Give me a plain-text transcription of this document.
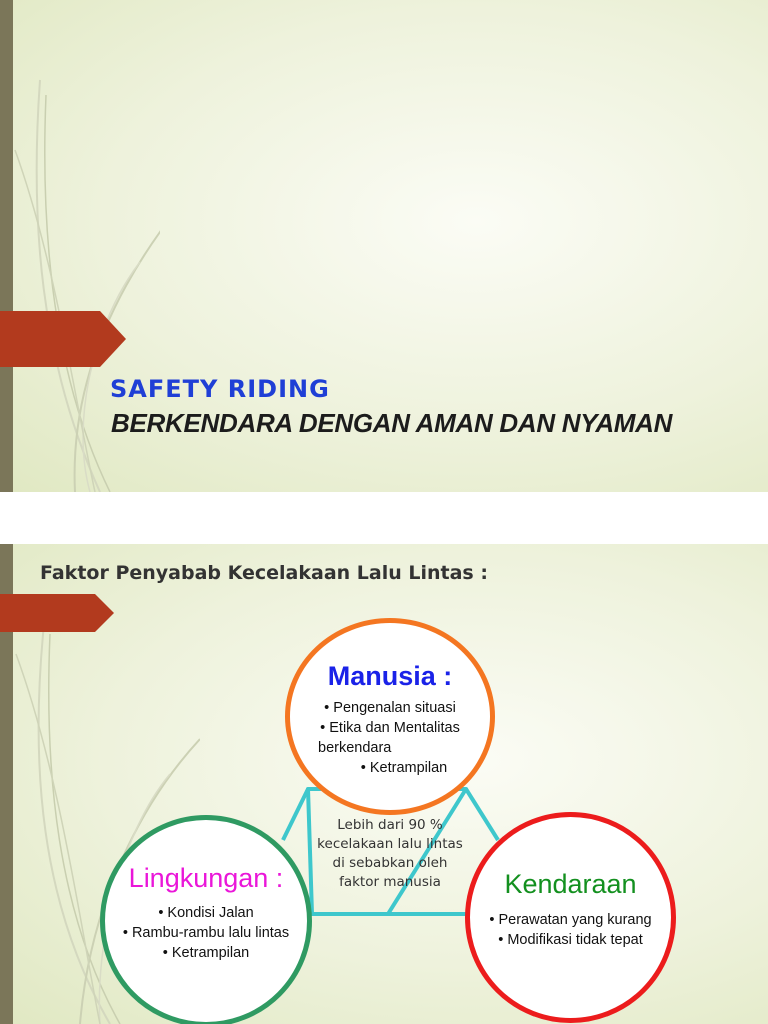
SAFETY RIDING
BERKENDARA DENGAN AMAN DAN NYAMAN
Faktor Penyabab Kecelakaan Lalu Lintas :

Lebih dari 90 % kecelakaan lalu lintas di sebabkan oleh faktor manusia

Manusia :

• Pengenalan situasi
• Etika dan Mentalitas
berkendara
• Ketrampilan

Lingkungan :

• Kondisi Jalan
• Rambu-rambu lalu lintas
• Ketrampilan

Kendaraan

• Perawatan yang kurang
• Modifikasi tidak tepat
